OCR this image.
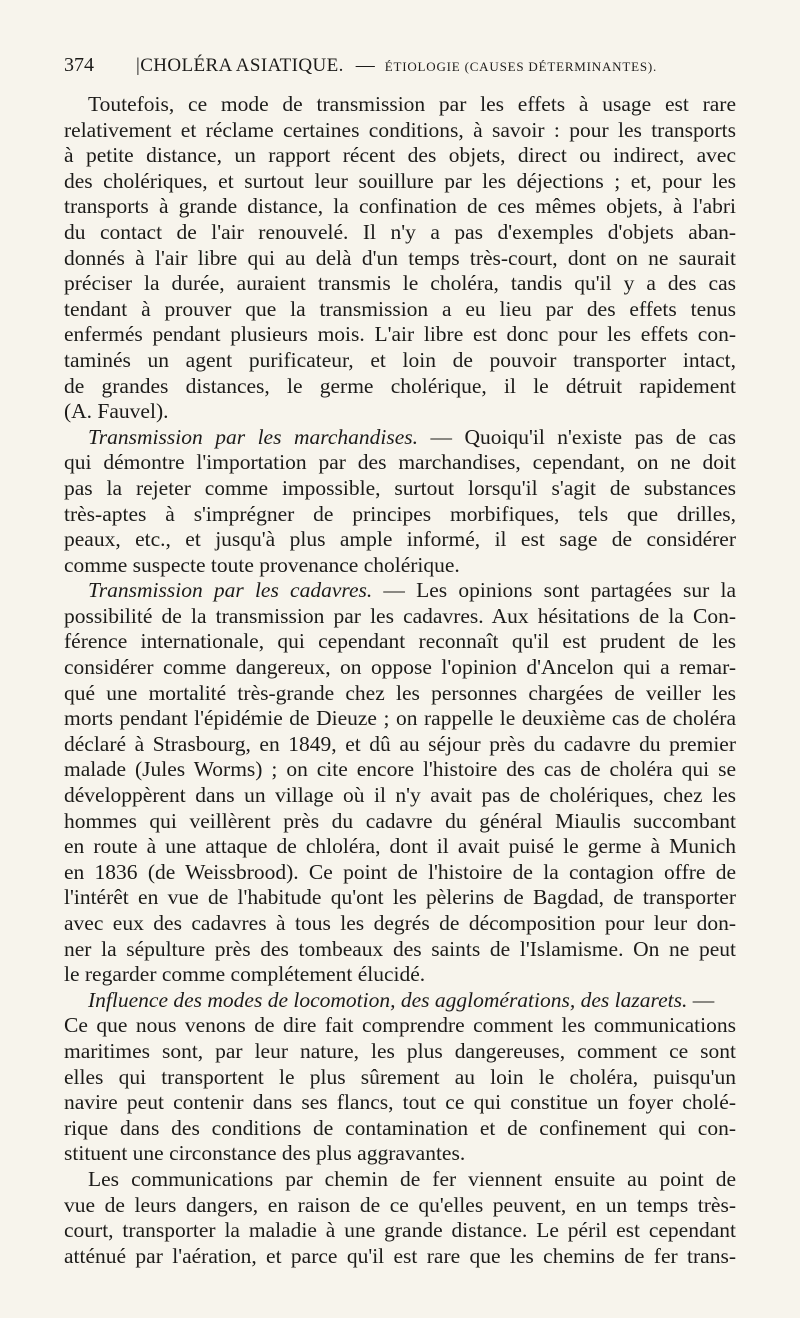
374	|CHOLÉRA ASIATIQUE. — ÉTIOLOGIE (CAUSES DÉTERMINANTES).
Toutefois, ce mode de transmission par les effets à usage est rare
relativement et réclame certaines conditions, à savoir : pour les transports
à petite distance, un rapport récent des objets, direct ou indirect, avec
des cholériques, et surtout leur souillure par les déjections ; et, pour les
transports à grande distance, la confination de ces mêmes objets, à l'abri
du contact de l'air renouvelé. Il n'y a pas d'exemples d'objets aban-
donnés à l'air libre qui au delà d'un temps très-court, dont on ne saurait
préciser la durée, auraient transmis le choléra, tandis qu'il y a des cas
tendant à prouver que la transmission a eu lieu par des effets tenus
enfermés pendant plusieurs mois. L'air libre est donc pour les effets con-
taminés un agent purificateur, et loin de pouvoir transporter intact,
de grandes distances, le germe cholérique, il le détruit rapidement
(A. Fauvel).
Transmission par les marchandises. — Quoiqu'il n'existe pas de cas
qui démontre l'importation par des marchandises, cependant, on ne doit
pas la rejeter comme impossible, surtout lorsqu'il s'agit de substances
très-aptes à s'imprégner de principes morbifiques, tels que drilles,
peaux, etc., et jusqu'à plus ample informé, il est sage de considérer
comme suspecte toute provenance cholérique.
Transmission par les cadavres. — Les opinions sont partagées sur la
possibilité de la transmission par les cadavres. Aux hésitations de la Con-
férence internationale, qui cependant reconnaît qu'il est prudent de les
considérer comme dangereux, on oppose l'opinion d'Ancelon qui a remar-
qué une mortalité très-grande chez les personnes chargées de veiller les
morts pendant l'épidémie de Dieuze ; on rappelle le deuxième cas de choléra
déclaré à Strasbourg, en 1849, et dû au séjour près du cadavre du premier
malade (Jules Worms) ; on cite encore l'histoire des cas de choléra qui se
développèrent dans un village où il n'y avait pas de cholériques, chez les
hommes qui veillèrent près du cadavre du général Miaulis succombant
en route à une attaque de chloléra, dont il avait puisé le germe à Munich
en 1836 (de Weissbrood). Ce point de l'histoire de la contagion offre de
l'intérêt en vue de l'habitude qu'ont les pèlerins de Bagdad, de transporter
avec eux des cadavres à tous les degrés de décomposition pour leur don-
ner la sépulture près des tombeaux des saints de l'Islamisme. On ne peut
le regarder comme complétement élucidé.
Influence des modes de locomotion, des agglomérations, des lazarets. —
Ce que nous venons de dire fait comprendre comment les communications
maritimes sont, par leur nature, les plus dangereuses, comment ce sont
elles qui transportent le plus sûrement au loin le choléra, puisqu'un
navire peut contenir dans ses flancs, tout ce qui constitue un foyer cholé-
rique dans des conditions de contamination et de confinement qui con-
stituent une circonstance des plus aggravantes.
Les communications par chemin de fer viennent ensuite au point de
vue de leurs dangers, en raison de ce qu'elles peuvent, en un temps très-
court, transporter la maladie à une grande distance. Le péril est cependant
atténué par l'aération, et parce qu'il est rare que les chemins de fer trans-
